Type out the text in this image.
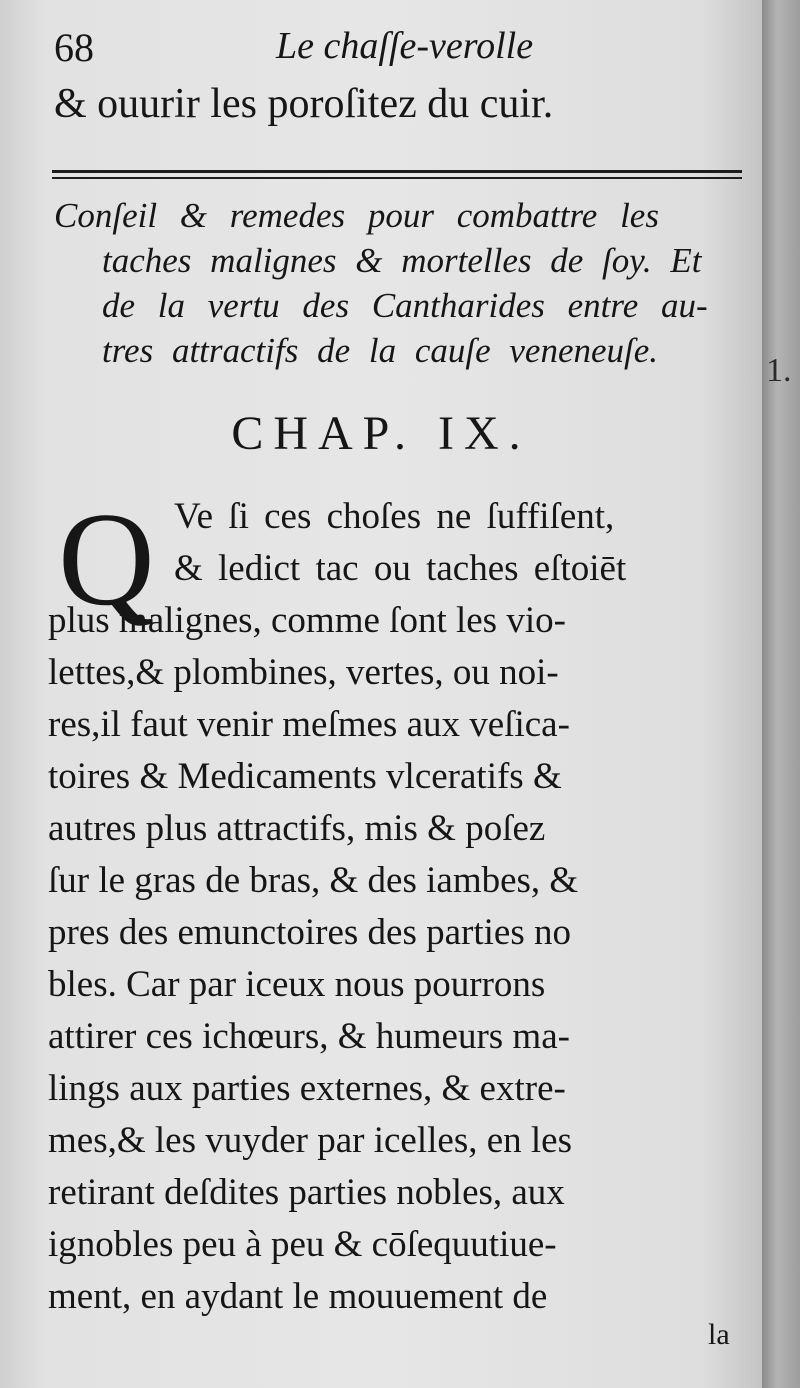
68	Le chaſſe-verolle
& ouurir les poroſitez du cuir.
Conſeil & remedes pour combattre les
taches malignes & mortelles de ſoy. Et
de la vertu des Cantharides entre au-
tres attractifs de la cauſe veneneuſe.
CHAP. IX.
Q Ve ſi ces choſes ne ſuffiſent,
& ledict tac ou taches eſtoiēt
plus malignes, comme ſont les vio-
lettes,& plombines, vertes, ou noi-
res,il faut venir meſmes aux veſica-
toires & Medicaments vlceratifs &
autres plus attractifs, mis & poſez
ſur le gras de bras, & des iambes, &
pres des emunctoires des parties no
bles. Car par iceux nous pourrons
attirer ces ichœurs, & humeurs ma-
lings aux parties externes, & extre-
mes,& les vuyder par icelles, en les
retirant deſdites parties nobles, aux
ignobles peu à peu & cōſequutiue-
ment, en aydant le mouuement de
la
1.
